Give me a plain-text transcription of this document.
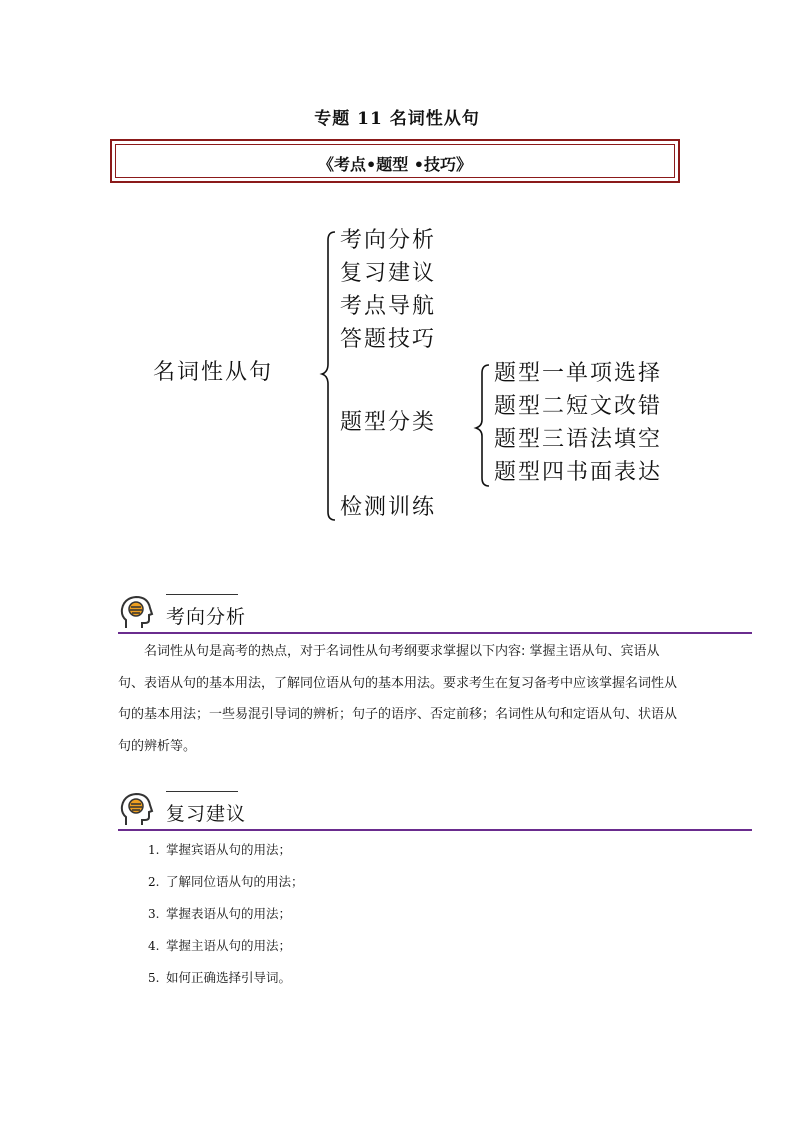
专题 11 名词性从句
《考点•题型 •技巧》
名词性从句
考向分析
复习建议
考点导航
答题技巧
题型分类
检测训练
题型一单项选择
题型二短文改错
题型三语法填空
题型四书面表达
考向分析

名词性从句是高考的热点，对于名词性从句考纲要求掌握以下内容: 掌握主语从句、宾语从句、表语从句的基本用法，了解同位语从句的基本用法。要求考生在复习备考中应该掌握名词性从句的基本用法；一些易混引导词的辨析；句子的语序、否定前移；名词性从句和定语从句、状语从句的辨析等。

复习建议
1. 掌握宾语从句的用法；
2. 了解同位语从句的用法；
3. 掌握表语从句的用法；
4. 掌握主语从句的用法；
5. 如何正确选择引导词。
